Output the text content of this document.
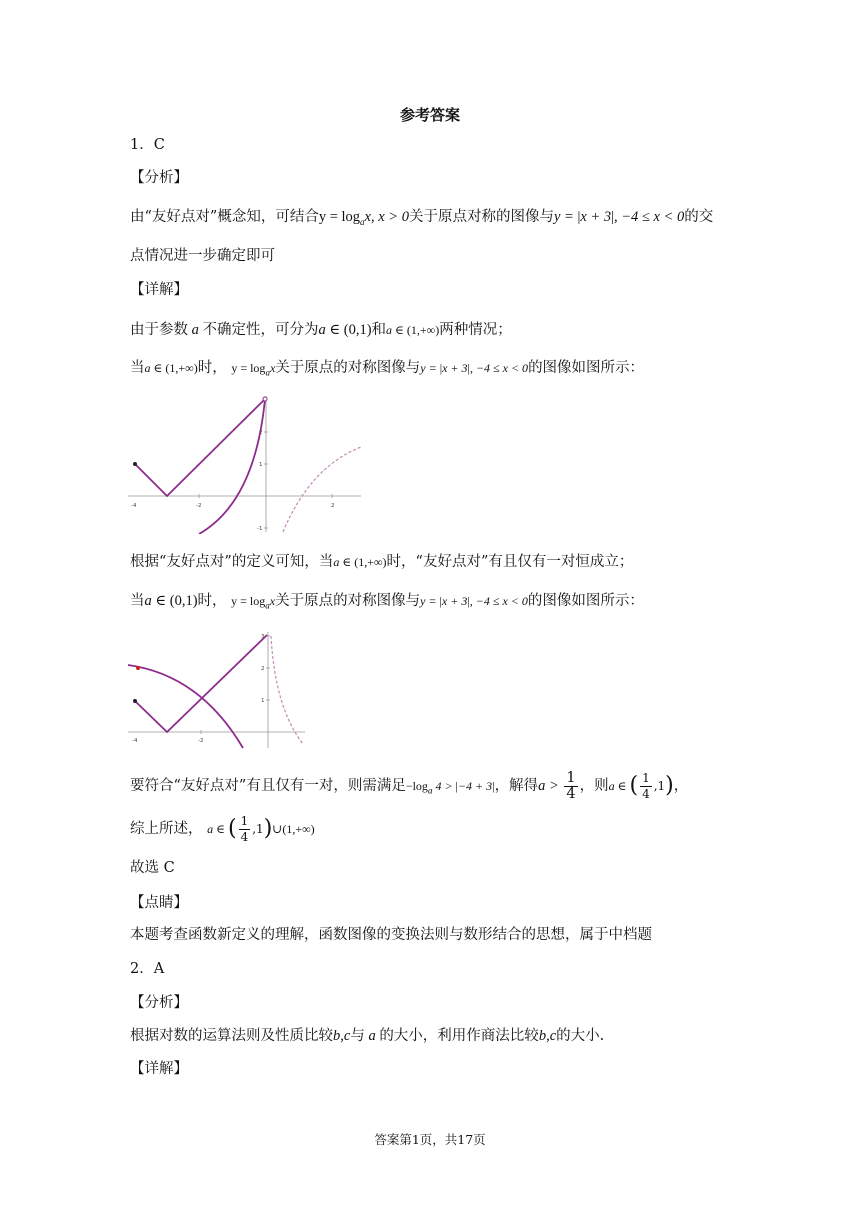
参考答案
1．C
【分析】
由“友好点对”概念知，可结合$y = \log_ax$, x > 0关于原点对称的图像与y = |x + 3|, −4 ≤ x < 0的交
点情况进一步确定即可
【详解】
由于参数 a 不确定性，可分为a ∈ (0,1)和a ∈ (1,+∞)两种情况；
当a ∈ (1,+∞)时， $y = \log_ax$关于原点的对称图像与y = |x + 3|, −4 ≤ x < 0的图像如图所示：
-4	-2	2
2
1
-1
根据“友好点对”的定义可知，当a ∈ (1,+∞)时，“友好点对”有且仅有一对恒成立；
当a ∈ (0,1)时， $y = \log_ax$关于原点的对称图像与y = |x + 3|, −4 ≤ x < 0的图像如图所示：
-4	-2
3
2
1
要符合“友好点对”有且仅有一对，则需满足$-\log_a$ 4 > |−4 + 3|，解得$a > \frac{1}{4}$ ，则a ∈ ( $\frac{1}{4} ,1$)，
综上所述， a ∈ ( $\frac{1}{4}$ ,1)∪(1,+∞)
故选 C
【点睛】
本题考查函数新定义的理解，函数图像的变换法则与数形结合的思想，属于中档题
2．A
【分析】
根据对数的运算法则及性质比较b,c与 a 的大小，利用作商法比较b,c的大小.
【详解】
答案第1页，共17页
